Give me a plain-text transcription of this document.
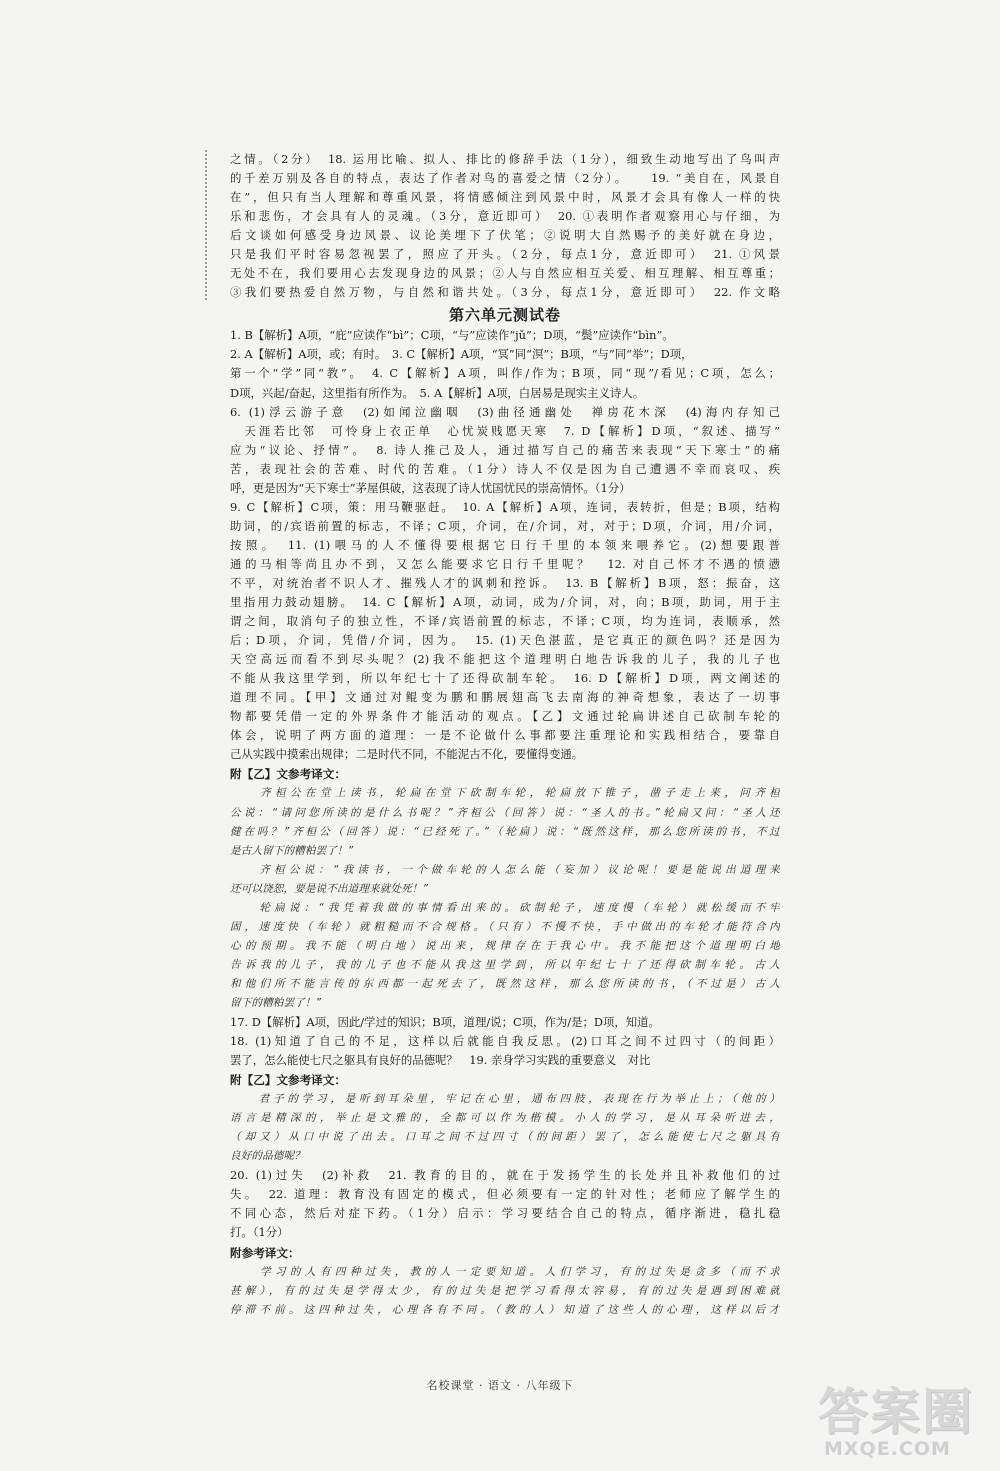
之情。（2分）　18. 运用比喻、拟人、排比的修辞手法（1分），细致生动地写出了鸟叫声
的千差万别及各自的特点，表达了作者对鸟的喜爱之情（2分）。　　19. “美自在，风景自
在”，但只有当人理解和尊重风景，将情感倾注到风景中时，风景才会具有像人一样的快
乐和悲伤，才会具有人的灵魂。（3分，意近即可）　20. ①表明作者观察用心与仔细，为
后文谈如何感受身边风景、议论美埋下了伏笔；②说明大自然赐予的美好就在身边，
只是我们平时容易忽视罢了，照应了开头。（2分，每点1分，意近即可）　21. ①风景
无处不在，我们要用心去发现身边的风景；②人与自然应相互关爱、相互理解、相互尊重；
③我们要热爱自然万物，与自然和谐共处。（3分，每点1分，意近即可）　22. 作文略
第六单元测试卷
1. B【解析】A项，“庇”应读作“bì”；C项，“与”应读作“jǔ”；D项，“鬓”应读作“bìn”。
2. A【解析】A项，或；有时。　3. C【解析】A项，“冥”同“溟”；B项，“与”同“举”；D项，
第一个“学”同“教”。　4. C【解析】A项，叫作/作为；B项，同“现”/看见；C项，怎么；
D项，兴起/奋起，这里指有所作为。　5. A【解析】A项，白居易是现实主义诗人。
6. (1)浮云游子意　(2)如闻泣幽咽　(3)曲径通幽处　禅房花木深　(4)海内存知己
　天涯若比邻　可怜身上衣正单　心忧炭贱愿天寒　7. D【解析】D项，“叙述、描写”
应为“议论、抒情”。　8. 诗人推己及人，通过描写自己的痛苦来表现“天下寒士”的痛
苦，表现社会的苦难、时代的苦难。（1分）诗人不仅是因为自己遭遇不幸而哀叹、疾
呼，更是因为“天下寒士”茅屋俱破，这表现了诗人忧国忧民的崇高情怀。（1分）
9. C【解析】C项，策：用马鞭驱赶。　10. A【解析】A项，连词，表转折，但是；B项，结构
助词，的/宾语前置的标志，不译；C项，介词，在/介词，对，对于；D项，介词，用/介词，
按照。　11. (1)喂马的人不懂得要根据它日行千里的本领来喂养它。(2)想要跟普
通的马相等尚且办不到，又怎么能要求它日行千里呢？　12. 对自己怀才不遇的愤懑
不平，对统治者不识人才、摧残人才的讽刺和控诉。　13. B【解析】B项，怒：振奋，这
里指用力鼓动翅膀。　14. C【解析】A项，动词，成为/介词，对，向；B项，助词，用于主
谓之间，取消句子的独立性，不译/宾语前置的标志，不译；C项，均为连词，表顺承，然
后；D项，介词，凭借/介词，因为。　15. (1)天色湛蓝，是它真正的颜色吗？还是因为
天空高远而看不到尽头呢？(2)我不能把这个道理明白地告诉我的儿子，我的儿子也
不能从我这里学到，所以年纪七十了还得砍制车轮。　16. D【解析】D项，两文阐述的
道理不同。【甲】文通过对鲲变为鹏和鹏展翅高飞去南海的神奇想象，表达了一切事
物都要凭借一定的外界条件才能活动的观点。【乙】文通过轮扁讲述自己砍制车轮的
体会，说明了两方面的道理：一是不论做什么事都要注重理论和实践相结合，要靠自
己从实践中摸索出规律；二是时代不同，不能泥古不化，要懂得变通。
附【乙】文参考译文：
　　齐桓公在堂上读书，轮扁在堂下砍制车轮，轮扁放下锥子，凿子走上来，问齐桓
公说：“请问您所读的是什么书呢？”齐桓公（回答）说：“圣人的书。”轮扁又问：“圣人还
健在吗？”齐桓公（回答）说：“已经死了。”（轮扁）说：“既然这样，那么您所读的书，不过
是古人留下的糟粕罢了！”
　　齐桓公说：“我读书，一个做车轮的人怎么能（妄加）议论呢！要是能说出道理来
还可以饶恕，要是说不出道理来就处死！”
　　轮扁说：“我凭着我做的事情看出来的。砍制轮子，速度慢（车轮）就松缓而不牢
固，速度快（车轮）就粗糙而不合规格。（只有）不慢不快，手中做出的车轮才能符合内
心的预期。我不能（明白地）说出来，规律存在于我心中。我不能把这个道理明白地
告诉我的儿子，我的儿子也不能从我这里学到，所以年纪七十了还得砍制车轮。古人
和他们所不能言传的东西都一起死去了，既然这样，那么您所读的书，（不过是）古人
留下的糟粕罢了！”
17. D【解析】A项，因此/学过的知识；B项，道理/说；C项，作为/是；D项，知道。
18. (1)知道了自己的不足，这样以后就能自我反思。(2)口耳之间不过四寸（的间距）
罢了，怎么能使七尺之躯具有良好的品德呢？　19. 亲身学习实践的重要意义　对比
附【乙】文参考译文：
　　君子的学习，是听到耳朵里，牢记在心里，通布四肢，表现在行为举止上；（他的）
语言是精深的，举止是文雅的，全都可以作为楷模。小人的学习，是从耳朵听进去，
（却又）从口中说了出去。口耳之间不过四寸（的间距）罢了，怎么能使七尺之躯具有
良好的品德呢？
20. (1)过失　(2)补救　21. 教育的目的，就在于发扬学生的长处并且补救他们的过
失。　22. 道理：教育没有固定的模式，但必须要有一定的针对性；老师应了解学生的
不同心态，然后对症下药。（1分）启示：学习要结合自己的特点，循序渐进，稳扎稳
打。（1分）
附参考译文：
　　学习的人有四种过失，教的人一定要知道。人们学习，有的过失是贪多（而不求
甚解），有的过失是学得太少，有的过失是把学习看得太容易，有的过失是遇到困难就
停滞不前。这四种过失，心理各有不同。（教的人）知道了这些人的心理，这样以后才
名校课堂 · 语文 · 八年级下	答案圈
MXQE.COM
